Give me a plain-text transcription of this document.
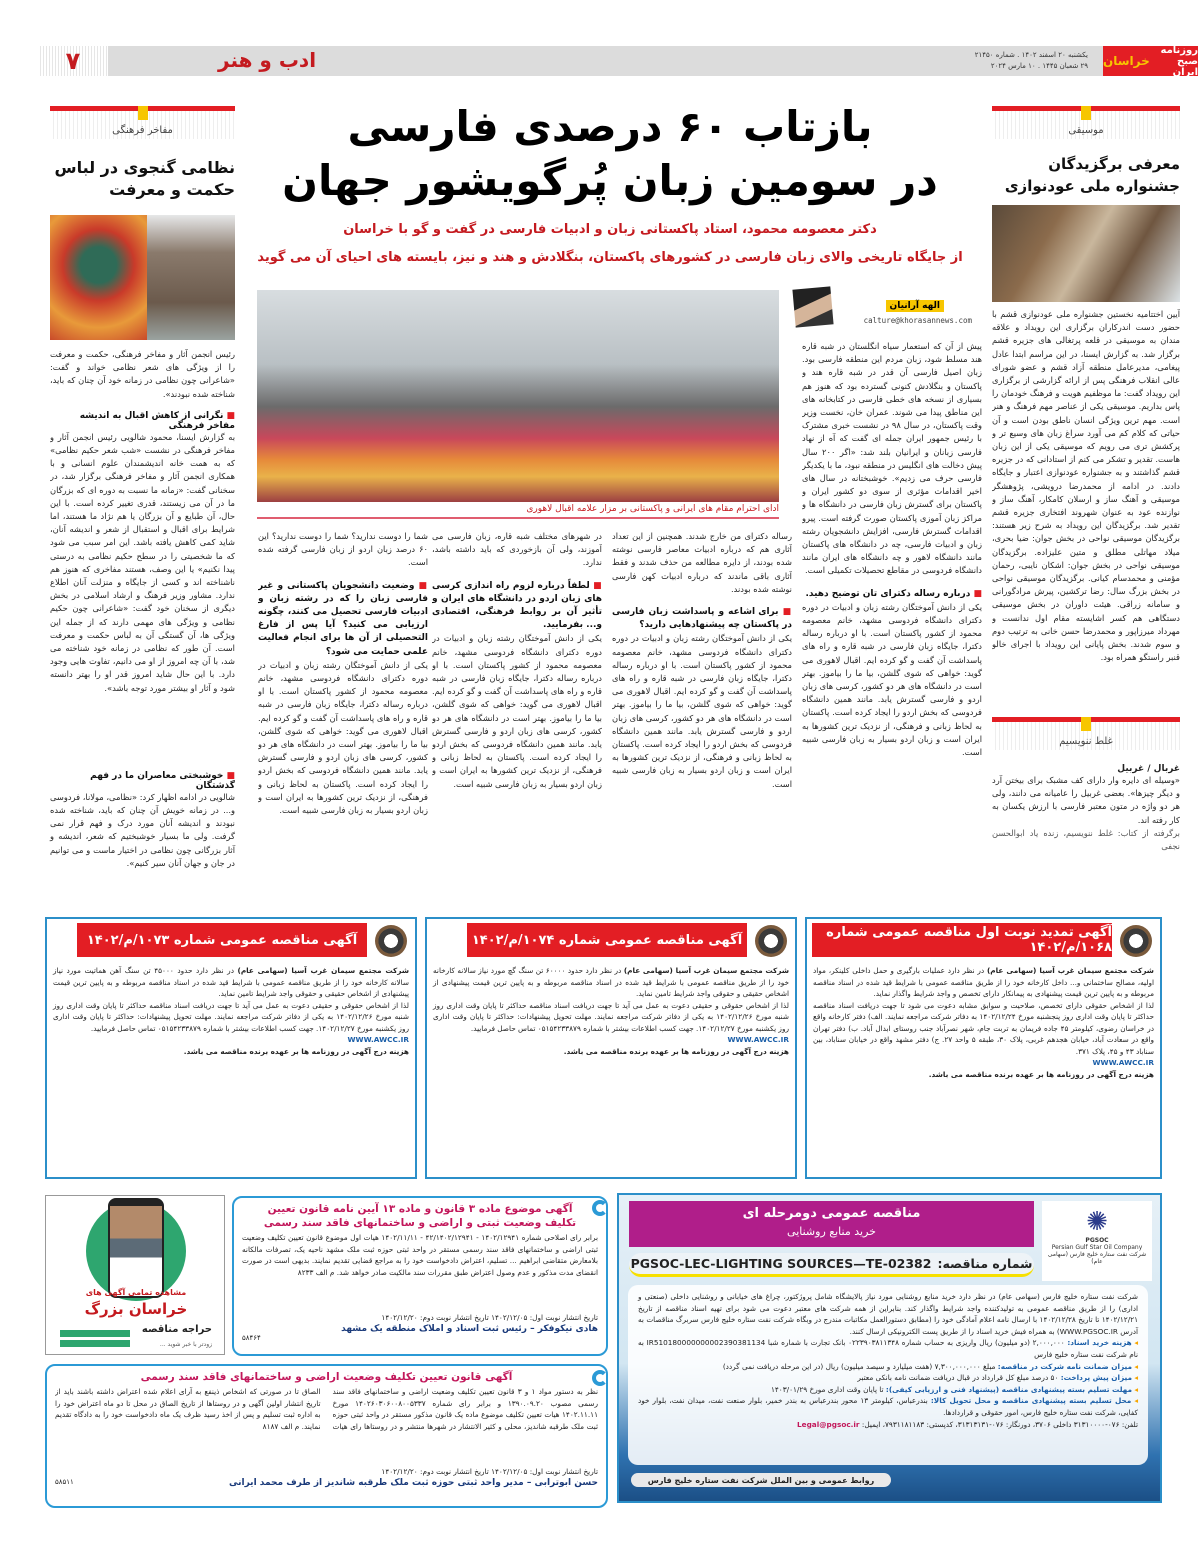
روزنامه صبح ایران
خراسان
یکشنبه ۲۰ اسفند ۱۴۰۲ . شماره ۲۱۴۵۰
۲۹ شعبان ۱۴۴۵ . ۱۰ مارس ۲۰۲۴
ادب و هنر
۷
موسیقی
معرفی برگزیدگان جشنواره ملی عودنوازی
آیین اختتامیه نخستین جشنواره ملی عودنوازی قشم با حضور دست اندرکاران برگزاری این رویداد و علاقه مندان به موسیقی در قلعه پرتغالی های جزیره قشم برگزار شد. به گزارش ایسنا، در این مراسم ابتدا عادل پیغامی، مدیرعامل منطقه آزاد قشم و عضو شورای عالی انقلاب فرهنگی پس از ارائه گزارشی از برگزاری این رویداد گفت: ما موظفیم هویت و فرهنگ خودمان را پاس بداریم. موسیقی یکی از عناصر مهم فرهنگ و هنر است. مهم ترین ویژگی انسان ناطق بودن است و آن حیاتی که کلام کم می آورد سراغ زبان های وسیع تر و پرکشش تری می رویم که موسیقی یکی از این زبان هاست. تقدیر و تشکر می کنم از استادانی که در جزیره قشم گذاشتند و به جشنواره عودنوازی اعتبار و جایگاه دادند. در ادامه از محمدرضا درویشی، پژوهشگر موسیقی و آهنگ ساز و ارسلان کامکار، آهنگ ساز و نوازنده عود به عنوان شهروند افتخاری جزیره قشم تقدیر شد. برگزیدگان این رویداد به شرح زیر هستند: برگزیدگان موسیقی نواحی در بخش جوان: ضیا بحری، میلاد مهاتلی مطلق و متین علیزاده. برگزیدگان موسیقی نواحی در بخش جوان: اشکان نایبی، رحمان مؤمنی و محمدسام کیانی. برگزیدگان موسیقی نواحی در بخش بزرگ سال: رضا ترکشین، پیرش مرادگورانی و سامانه زراقی. هیئت داوران در بخش موسیقی دستگاهی هم کسر اشایسته مقام اول ندانست و مهرداد میرزاپور و محمدرضا حسن خانی به ترتیب دوم و سوم شدند. بخش پایانی این رویداد با اجرای خالو قنبر راستگو همراه بود.
غلط ننویسیم
غربال / غربیل
«وسیله ای دایره وار دارای کف مشبک برای بیختن آرد و دیگر چیزها». بعضی غربیل را عامیانه می دانند، ولی هر دو واژه در متون معتبر فارسی با ارزش یکسان به کار رفته اند.
برگرفته از کتاب: غلط ننویسیم، زنده یاد ابوالحسن نجفی
مفاخر فرهنگی
نظامی گنجوی در لباس حکمت و معرفت
رئیس انجمن آثار و مفاخر فرهنگی، حکمت و معرفت را از ویژگی های شعر نظامی خواند و گفت: «شاعرانی چون نظامی در زمانه خود آن چنان که باید، شناخته شده نبودند».
■ نگرانی از کاهش اقبال به اندیشه مفاخر فرهنگی
به گزارش ایسنا، محمود شالویی رئیس انجمن آثار و مفاخر فرهنگی در نشست «شب شعر حکیم نظامی» که به همت خانه اندیشمندان علوم انسانی و با همکاری انجمن آثار و مفاخر فرهنگی برگزار شد، در سخنانی گفت: «زمانه ما نسبت به دوره ای که بزرگان ما در آن می زیستند، قدری تغییر کرده است. با این حال، آن طبایع و آن بزرگان یا هم نژاد ما هستند، اما شرایط برای اقبال و استقبال از شعر و اندیشه آنان، شاید کمی کاهش یافته باشد. این امر سبب می شود که ما شخصیتی را در سطح حکیم نظامی به درستی پیدا نکنیم» یا این وصف، هستند مفاخری که هنوز هم ناشناخته اند و کسی از جایگاه و منزلت آنان اطلاع ندارد. مشاور وزیر فرهنگ و ارشاد اسلامی در بخش دیگری از سخنان خود گفت: «شاعرانی چون حکیم نظامی و ویژگی های مهمی دارند که از جمله این ویژگی ها، آن گستگی آن به لباس حکمت و معرفت است. آن طور که نظامی در زمانه خود شناخته می شد، با آن چه امروز از او می دانیم، تفاوت هایی وجود دارد. با این حال شاید امروز قدر او را بهتر دانسته شود و آثار او بیشتر مورد توجه باشد».
■ خوشبختی معاصران ما در فهم گذشتگان
شالویی در ادامه اظهار کرد: «نظامی، مولانا، فردوسی و... در زمانه خویش آن چنان که باید، شناخته شده نبودند و اندیشه آنان مورد درک و فهم قرار نمی گرفت. ولی ما بسیار خوشبختیم که شعر، اندیشه و آثار بزرگانی چون نظامی در اختیار ماست و می توانیم در جان و جهان آنان سیر کنیم».
بازتاب ۶۰ درصدی فارسی
در سومین زبان پُرگویشور جهان
دکتر معصومه محمود، استاد پاکستانی زبان و ادبیات فارسی در گفت و گو با خراسان
از جایگاه تاریخی والای زبان فارسی در کشورهای پاکستان، بنگلادش و هند و نیز، بایسته های احیای آن می گوید
ادای احترام مقام های ایرانی و پاکستانی بر مزار علامه اقبال لاهوری
الهه آرانیان
calture@khorasannews.com
پیش از آن که استعمار سیاه انگلستان در شبه قاره هند مسلط شود، زبان مردم این منطقه فارسی بود. زبان اصیل فارسی آن قدر در شبه قاره هند و پاکستان و بنگلادش کنونی گسترده بود که هنوز هم بسیاری از نسخه های خطی فارسی در کتابخانه های این مناطق پیدا می شوند. عمران خان، نخست وزیر وقت پاکستان، در سال ۹۸ در نشست خبری مشترک با رئیس جمهور ایران جمله ای گفت که آه از نهاد فارسی زبانان و ایرانیان بلند شد: «اگر ۲۰۰ سال پیش دخالت های انگلیس در منطقه نبود، ما با یکدیگر فارسی حرف می زدیم». خوشبختانه در سال های اخیر اقدامات مؤثری از سوی دو کشور ایران و پاکستان برای گسترش زبان فارسی در دانشگاه ها و مراکز زبان آموزی پاکستان صورت گرفته است. پیرو اقدامات گسترش فارسی، افزایش دانشجویان رشته زبان و ادبیات فارسی، چه در دانشگاه های پاکستان مانند دانشگاه لاهور و چه دانشگاه های ایران مانند دانشگاه فردوسی در مقاطع تحصیلات تکمیلی است.
■ درباره رساله دکترای تان توضیح دهید.
یکی از دانش آموختگان رشته زبان و ادبیات در دوره دکترای دانشگاه فردوسی مشهد، خانم معصومه محمود از کشور پاکستان است. با او درباره رساله دکترا، جایگاه زبان فارسی در شبه قاره و راه های پاسداشت آن گفت و گو کرده ایم. اقبال لاهوری می گوید: خواهی که شوی گلشن، بیا ما را بیاموز. بهتر است در دانشگاه های هر دو کشور، کرسی های زبان اردو و فارسی گسترش یابد. مانند همین دانشگاه فردوسی که بخش اردو را ایجاد کرده است. پاکستان به لحاظ زبانی و فرهنگی، از نزدیک ترین کشورها به ایران است و زبان اردو بسیار به زبان فارسی شبیه است.
رساله دکترای من خارج شدند. همچنین از این تعداد آثاری هم که درباره ادبیات معاصر فارسی نوشته شده بودند، از دایره مطالعه من حذف شدند و فقط آثاری باقی ماندند که درباره ادبیات کهن فارسی نوشته شده بودند.
■ برای اشاعه و پاسداشت زبان فارسی در پاکستان چه پیشنهادهایی دارید؟
یکی از دانش آموختگان رشته زبان و ادبیات در دوره دکترای دانشگاه فردوسی مشهد، خانم معصومه محمود از کشور پاکستان است. با او درباره رساله دکترا، جایگاه زبان فارسی در شبه قاره و راه های پاسداشت آن گفت و گو کرده ایم. اقبال لاهوری می گوید: خواهی که شوی گلشن، بیا ما را بیاموز. بهتر است در دانشگاه های هر دو کشور، کرسی های زبان اردو و فارسی گسترش یابد. مانند همین دانشگاه فردوسی که بخش اردو را ایجاد کرده است. پاکستان به لحاظ زبانی و فرهنگی، از نزدیک ترین کشورها به ایران است و زبان اردو بسیار به زبان فارسی شبیه است.
در شهرهای مختلف شبه قاره، زبان فارسی می آموزند، ولی آن بازخوردی که باید داشته باشد، ندارد.
■ لطفاً درباره لزوم راه اندازی کرسی های زبان اردو در دانشگاه های ایران و تأثیر آن بر روابط فرهنگی، اقتصادی و... بفرمایید.
یکی از دانش آموختگان رشته زبان و ادبیات در دوره دکترای دانشگاه فردوسی مشهد، خانم معصومه محمود از کشور پاکستان است. با او درباره رساله دکترا، جایگاه زبان فارسی در شبه قاره و راه های پاسداشت آن گفت و گو کرده ایم. اقبال لاهوری می گوید: خواهی که شوی گلشن، بیا ما را بیاموز. بهتر است در دانشگاه های هر دو کشور، کرسی های زبان اردو و فارسی گسترش یابد. مانند همین دانشگاه فردوسی که بخش اردو را ایجاد کرده است. پاکستان به لحاظ زبانی و فرهنگی، از نزدیک ترین کشورها به ایران است و زبان اردو بسیار به زبان فارسی شبیه است.
شما را دوست ندارید؟ شما را دوست ندارید؟ این ۶۰ درصد زبان اردو از زبان فارسی گرفته شده است.
■ وضعیت دانشجویان پاکستانی و غیر فارسی زبان را که در رشته زبان و ادبیات فارسی تحصیل می کنند، چگونه ارزیابی می کنید؟ آیا پس از فارغ التحصیلی از آن ها برای انجام فعالیت علمی حمایت می شود؟
یکی از دانش آموختگان رشته زبان و ادبیات در دوره دکترای دانشگاه فردوسی مشهد، خانم معصومه محمود از کشور پاکستان است. با او درباره رساله دکترا، جایگاه زبان فارسی در شبه قاره و راه های پاسداشت آن گفت و گو کرده ایم. اقبال لاهوری می گوید: خواهی که شوی گلشن، بیا ما را بیاموز. بهتر است در دانشگاه های هر دو کشور، کرسی های زبان اردو و فارسی گسترش یابد. مانند همین دانشگاه فردوسی که بخش اردو را ایجاد کرده است. پاکستان به لحاظ زبانی و فرهنگی، از نزدیک ترین کشورها به ایران است و زبان اردو بسیار به زبان فارسی شبیه است.
آگهی تمدید نوبت اول مناقصه عمومی شماره ۱۰۶۸/م/۱۴۰۲
شرکت مجتمع سیمان غرب آسیا (سهامی عام) در نظر دارد عملیات بارگیری و حمل داخلی کلینکر، مواد اولیه، مصالح ساختمانی و... داخل کارخانه خود را از طریق مناقصه عمومی با شرایط قید شده در اسناد مناقصه مربوطه و به پایین ترین قیمت پیشنهادی به پیمانکار دارای تخصص و واجد شرایط واگذار نماید.
لذا از اشخاص حقوقی دارای تخصص، صلاحیت و سوابق مشابه دعوت می شود تا جهت دریافت اسناد مناقصه حداکثر تا پایان وقت اداری روز پنجشنبه مورخ ۱۴۰۲/۱۲/۲۴ به دفاتر شرکت مراجعه نمایند. الف) دفتر کارخانه واقع در خراسان رضوی، کیلومتر ۴۵ جاده فریمان به تربت جام، شهر نصرآباد جنب روستای ابدال آباد. ب) دفتر تهران واقع در سعادت آباد، خیابان هجدهم غربی، پلاک ۳۰، طبقه ۵ واحد ۲۷. ج) دفتر مشهد واقع در خیابان سناباد، بین سناباد ۴۳ و ۴۵، پلاک ۳۷۱.
WWW.AWCC.IR
هزینه درج آگهی در روزنامه ها بر عهده برنده مناقصه می باشد.
آگهی مناقصه عمومی شماره ۱۰۷۴/م/۱۴۰۲
شرکت مجتمع سیمان غرب آسیا (سهامی عام) در نظر دارد حدود ۶۰۰۰۰ تن سنگ گچ مورد نیاز سالانه کارخانه خود را از طریق مناقصه عمومی با شرایط قید شده در اسناد مناقصه مربوطه و به پایین ترین قیمت پیشنهادی از اشخاص حقیقی و حقوقی واجد شرایط تامین نماید.
لذا از اشخاص حقوقی و حقیقی دعوت به عمل می آید تا جهت دریافت اسناد مناقصه حداکثر تا پایان وقت اداری روز شنبه مورخ ۱۴۰۲/۱۲/۲۶ به یکی از دفاتر شرکت مراجعه نمایند. مهلت تحویل پیشنهادات: حداکثر تا پایان وقت اداری روز یکشنبه مورخ ۱۴۰۲/۱۲/۲۷. جهت کسب اطلاعات بیشتر با شماره ۰۵۱۵۴۲۳۳۸۷۹ تماس حاصل فرمایید.
WWW.AWCC.IR
هزینه درج آگهی در روزنامه ها بر عهده برنده مناقصه می باشد.
آگهی مناقصه عمومی شماره ۱۰۷۳/م/۱۴۰۲
شرکت مجتمع سیمان غرب آسیا (سهامی عام) در نظر دارد حدود ۴۵۰۰۰ تن سنگ آهن هماتیت مورد نیاز سالانه کارخانه خود را از طریق مناقصه عمومی با شرایط قید شده در اسناد مناقصه مربوطه و به پایین ترین قیمت پیشنهادی از اشخاص حقیقی و حقوقی واجد شرایط تامین نماید.
لذا از اشخاص حقوقی و حقیقی دعوت به عمل می آید تا جهت دریافت اسناد مناقصه حداکثر تا پایان وقت اداری روز شنبه مورخ ۱۴۰۲/۱۲/۲۶ به یکی از دفاتر شرکت مراجعه نمایند. مهلت تحویل پیشنهادات: حداکثر تا پایان وقت اداری روز یکشنبه مورخ ۱۴۰۲/۱۲/۲۷. جهت کسب اطلاعات بیشتر با شماره ۰۵۱۵۴۲۳۳۸۷۹ تماس حاصل فرمایید.
WWW.AWCC.IR
هزینه درج آگهی در روزنامه ها بر عهده برنده مناقصه می باشد.
✺
PGSOC
Persian Gulf Star Oil Company
شرکت نفت ستاره خلیج فارس (سهامی عام)
مناقصه عمومی دومرحله ای
خرید منابع روشنایی
شماره مناقصه:
PGSOC-LEC-LIGHTING SOURCES—TE-02382
شرکت نفت ستاره خلیج فارس (سهامی عام) در نظر دارد خرید منابع روشنایی مورد نیاز پالایشگاه شامل پروژکتور، چراغ های خیابانی و روشنایی داخلی (صنعتی و اداری) را از طریق مناقصه عمومی به تولیدکننده واجد شرایط واگذار کند. بنابراین از همه شرکت های معتبر دعوت می شود برای تهیه اسناد مناقصه از تاریخ ۱۴۰۲/۱۲/۲۱ تا تاریخ ۱۴۰۲/۱۲/۲۸ با ارسال نامه اعلام آمادگی خود را (مطابق دستورالعمل مکاتبات مندرج در وبگاه شرکت نفت ستاره خلیج فارس سربرگ مناقصات به آدرس WWW.PGSOC.IR) به همراه فیش خرید اسناد را از طریق پست الکترونیکی ارسال کنند.
◂ هزینه خرید اسناد: ۲,۰۰۰,۰۰۰ (دو میلیون) ریال واریزی به حساب شماره ۰۲۲۳۹۰۳۸۱۱۳۴۸ بانک تجارت با شماره شبا IR510180000000002390381134 به نام شرکت نفت ستاره خلیج فارس
◂ میزان ضمانت نامه شرکت در مناقصه: مبلغ ۷,۳۰۰,۰۰۰,۰۰۰ (هفت میلیارد و سیصد میلیون) ریال (در این مرحله دریافت نمی گردد)
◂ میزان پیش پرداخت: ۵۰ درصد مبلغ کل قرارداد در قبال دریافت ضمانت نامه بانکی معتبر
◂ مهلت تسلیم بسته پیشنهادی مناقصه (پیشنهاد فنی و ارزیابی کیفی): تا پایان وقت اداری مورخ ۱۴۰۳/۰۱/۲۹
◂ محل تسلیم بسته پیشنهادی مناقصه و محل تحویل کالا: بندرعباس، کیلومتر ۱۳ محور بندرعباس به بندر خمیر، بلوار صنعت نفت، میدان نفت، بلوار خود کفایی، شرکت نفت ستاره خلیج فارس، امور حقوقی و قراردادها.
تلفن: ۰۷۶-۳۱۳۱۰۰۰۰ داخلی ۳۷۰۶، دورنگار: ۰۷۶-۳۱۳۱۳۱۳۱، کدپستی: ۷۹۳۱۱۸۱۱۸۳، ایمیل: Legal@pgsoc.ir
روابط عمومی و بین الملل شرکت نفت ستاره خلیج فارس
آگهی موضوع ماده ۳ قانون و ماده ۱۳ آیین نامه قانون تعیین تکلیف وضعیت ثبتی و اراضی و ساختمانهای فاقد سند رسمی
برابر رای اصلاحی شماره ۱۴۰۲/۱۲۹۴۱ - ۴۲/۱۴۰۲/۱۲۹۴۱ - ۱۴۰۲/۱۱/۱۱ هیات اول موضوع قانون تعیین تکلیف وضعیت ثبتی اراضی و ساختمانهای فاقد سند رسمی مستقر در واحد ثبتی حوزه ثبت ملک مشهد ناحیه یک، تصرفات مالکانه بلامعارض متقاضی ابراهیم ... تسلیم، اعتراض دادخواست خود را به مراجع قضایی تقدیم نمایند. بدیهی است در صورت انقضای مدت مذکور و عدم وصول اعتراض طبق مقررات سند مالکیت صادر خواهد شد. م الف ۸۲۳۳
تاریخ انتشار نوبت اول: ۱۴۰۲/۱۲/۰۵ تاریخ انتشار نوبت دوم: ۱۴۰۲/۱۲/۲۰
هادی نیکوفکر – رئیس ثبت اسناد و املاک منطقه یک مشهد
۵۸۴۶۴
مشاهده تمامی آگهی های
خراسان بزرگ
حراجه مناقصه
زودتر با خبر شوید ...
آگهی قانون تعیین تکلیف وضعیت اراضی و ساختمانهای فاقد سند رسمی
نظر به دستور مواد ۱ و ۳ قانون تعیین تکلیف وضعیت اراضی و ساختمانهای فاقد سند رسمی مصوب ۱۳۹۰.۰۹.۲۰ و برابر رای شماره ۱۴۰۲۶۰۳۰۶۰۰۸۰۰۵۳۳۷ مورخ ۱۴۰۲.۱۱.۱۱ هیات تعیین تکلیف موضوع ماده یک قانون مذکور مستقر در واحد ثبتی حوزه ثبت ملک طرقبه شاندیز، محلی و کثیر الانتشار در شهرها منتشر و در روستاها رای هیات الصاق تا در صورتی که اشخاص ذینفع به آرای اعلام شده اعتراض داشته باشند باید از تاریخ انتشار اولین آگهی و در روستاها از تاریخ الصاق در محل تا دو ماه اعتراض خود را به اداره ثبت تسلیم و پس از اخذ رسید ظرف یک ماه دادخواست خود را به دادگاه تقدیم نمایند. م الف ۸۱۸۷
تاریخ انتشار نوبت اول: ۱۴۰۲/۱۲/۰۵ تاریخ انتشار نوبت دوم: ۱۴۰۲/۱۲/۲۰
حسن ابوترابی – مدیر واحد ثبتی حوزه ثبت ملک طرقبه شاندیز از طرف محمد ایرانی
۵۸۵۱۱
